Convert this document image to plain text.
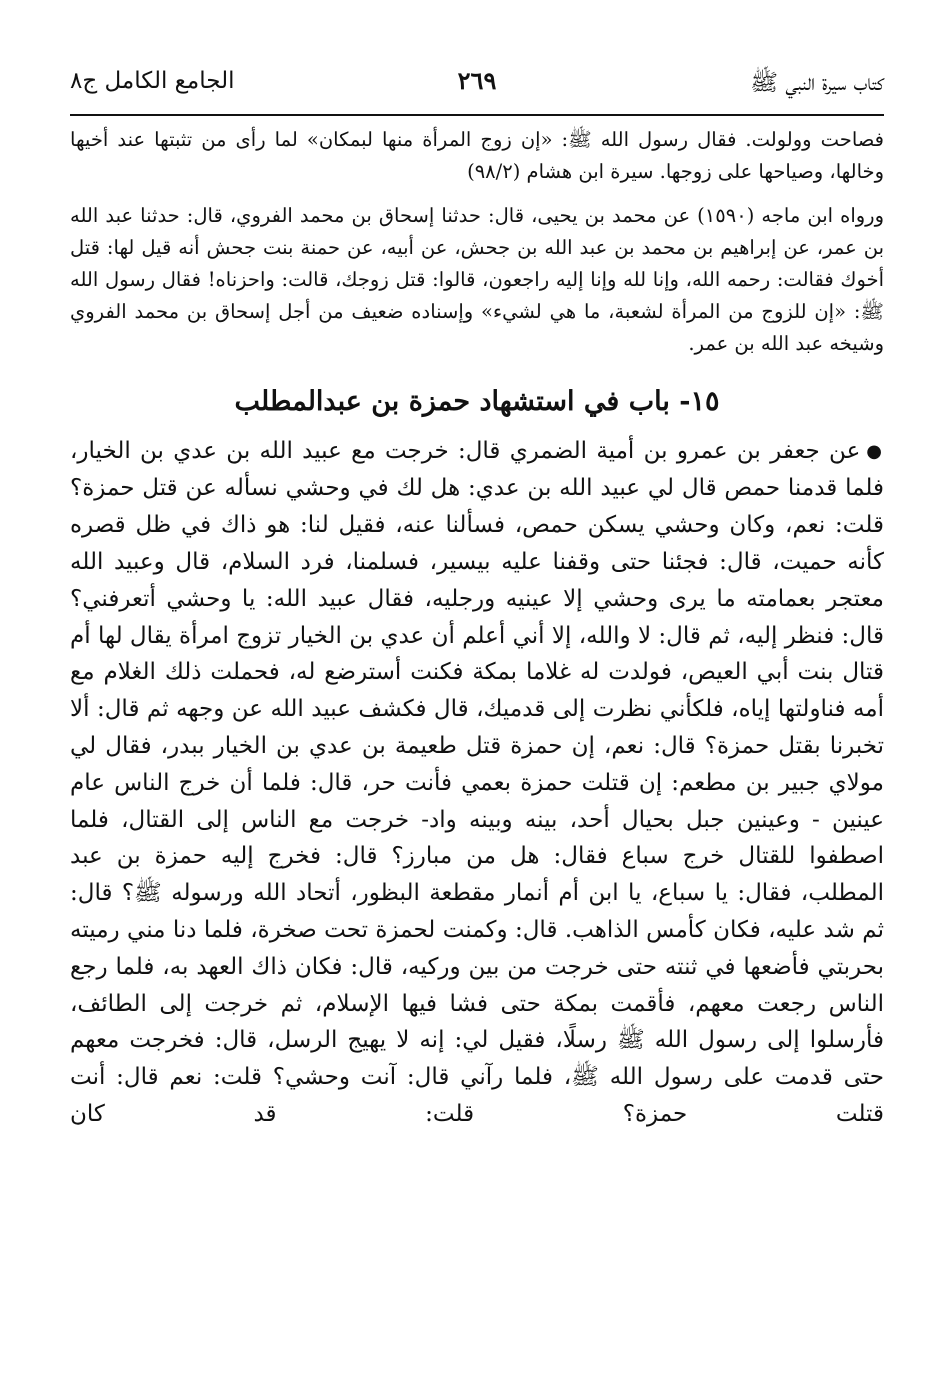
كتاب سيرة النبي ﷺ
٢٦٩
الجامع الكامل ج٨

فصاحت وولولت. فقال رسول الله ﷺ: «إن زوج المرأة منها لبمكان» لما رأى من تثبتها عند أخيها وخالها، وصياحها على زوجها. سيرة ابن هشام (٩٨/٢)

ورواه ابن ماجه (١٥٩٠) عن محمد بن يحيى، قال: حدثنا إسحاق بن محمد الفروي، قال: حدثنا عبد الله بن عمر، عن إبراهيم بن محمد بن عبد الله بن جحش، عن أبيه، عن حمنة بنت جحش أنه قيل لها: قتل أخوك فقالت: رحمه الله، وإنا لله وإنا إليه راجعون، قالوا: قتل زوجك، قالت: واحزناه! فقال رسول الله ﷺ: «إن للزوج من المرأة لشعبة، ما هي لشيء» وإسناده ضعيف من أجل إسحاق بن محمد الفروي وشيخه عبد الله بن عمر.

١٥- باب في استشهاد حمزة بن عبدالمطلب

●عن جعفر بن عمرو بن أمية الضمري قال: خرجت مع عبيد الله بن عدي بن الخيار، فلما قدمنا حمص قال لي عبيد الله بن عدي: هل لك في وحشي نسأله عن قتل حمزة؟ قلت: نعم، وكان وحشي يسكن حمص، فسألنا عنه، فقيل لنا: هو ذاك في ظل قصره كأنه حميت، قال: فجئنا حتى وقفنا عليه بيسير، فسلمنا، فرد السلام، قال وعبيد الله معتجر بعمامته ما يرى وحشي إلا عينيه ورجليه، فقال عبيد الله: يا وحشي أتعرفني؟ قال: فنظر إليه، ثم قال: لا والله، إلا أني أعلم أن عدي بن الخيار تزوج امرأة يقال لها أم قتال بنت أبي العيص، فولدت له غلاما بمكة فكنت أسترضع له، فحملت ذلك الغلام مع أمه فناولتها إياه، فلكأني نظرت إلى قدميك، قال فكشف عبيد الله عن وجهه ثم قال: ألا تخبرنا بقتل حمزة؟ قال: نعم، إن حمزة قتل طعيمة بن عدي بن الخيار ببدر، فقال لي مولاي جبير بن مطعم: إن قتلت حمزة بعمي فأنت حر، قال: فلما أن خرج الناس عام عينين - وعينين جبل بحيال أحد، بينه وبينه واد- خرجت مع الناس إلى القتال، فلما اصطفوا للقتال خرج سباع فقال: هل من مبارز؟ قال: فخرج إليه حمزة بن عبد المطلب، فقال: يا سباع، يا ابن أم أنمار مقطعة البظور، أتحاد الله ورسوله ﷺ؟ قال: ثم شد عليه، فكان كأمس الذاهب. قال: وكمنت لحمزة تحت صخرة، فلما دنا مني رميته بحربتي فأضعها في ثنته حتى خرجت من بين وركيه، قال: فكان ذاك العهد به، فلما رجع الناس رجعت معهم، فأقمت بمكة حتى فشا فيها الإسلام، ثم خرجت إلى الطائف، فأرسلوا إلى رسول الله ﷺ رسلًا، فقيل لي: إنه لا يهيج الرسل، قال: فخرجت معهم حتى قدمت على رسول الله ﷺ، فلما رآني قال: آنت وحشي؟ قلت: نعم قال: أنت قتلت حمزة؟ قلت: قد كان
